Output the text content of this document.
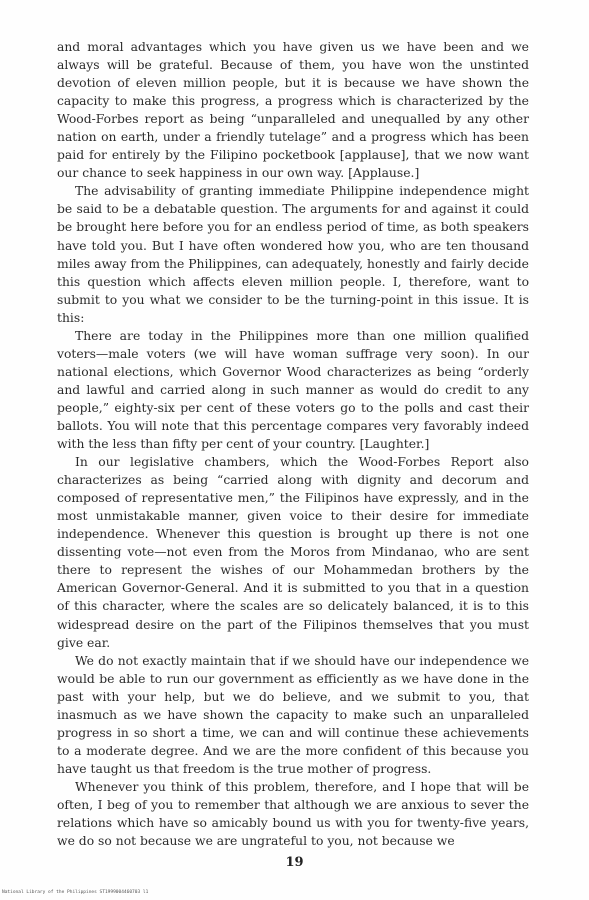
and moral advantages which you have given us we have been and we always will be grateful. Because of them, you have won the unstinted devotion of eleven million people, but it is because we have shown the capacity to make this progress, a progress which is characterized by the Wood-Forbes report as being “unparalleled and unequalled by any other nation on earth, under a friendly tutelage” and a progress which has been paid for entirely by the Filipino pocketbook [applause], that we now want our chance to seek happiness in our own way. [Applause.]

The advisability of granting immediate Philippine independence might be said to be a debatable question. The arguments for and against it could be brought here before you for an endless period of time, as both speakers have told you. But I have often wondered how you, who are ten thousand miles away from the Philippines, can adequately, honestly and fairly decide this question which affects eleven million people. I, therefore, want to submit to you what we consider to be the turning-point in this issue. It is this:

There are today in the Philippines more than one million qualified voters—male voters (we will have woman suffrage very soon). In our national elections, which Governor Wood characterizes as being “orderly and lawful and carried along in such manner as would do credit to any people,” eighty-six per cent of these voters go to the polls and cast their ballots. You will note that this percentage compares very favorably indeed with the less than fifty per cent of your country. [Laughter.]

In our legislative chambers, which the Wood-Forbes Report also characterizes as being “carried along with dignity and decorum and composed of representative men,” the Filipinos have expressly, and in the most unmistakable manner, given voice to their desire for immediate independence. Whenever this question is brought up there is not one dissenting vote—not even from the Moros from Mindanao, who are sent there to represent the wishes of our Mohammedan brothers by the American Governor-General. And it is submitted to you that in a question of this character, where the scales are so delicately balanced, it is to this widespread desire on the part of the Filipinos themselves that you must give ear.

We do not exactly maintain that if we should have our independence we would be able to run our government as efficiently as we have done in the past with your help, but we do believe, and we submit to you, that inasmuch as we have shown the capacity to make such an unparalleled progress in so short a time, we can and will continue these achievements to a moderate degree. And we are the more confident of this because you have taught us that freedom is the true mother of progress.

Whenever you think of this problem, therefore, and I hope that will be often, I beg of you to remember that although we are anxious to sever the relations which have so amicably bound us with you for twenty-five years, we do so not because we are ungrateful to you, not because we

19
National Library of the Philippines ST1999004460703 l1
